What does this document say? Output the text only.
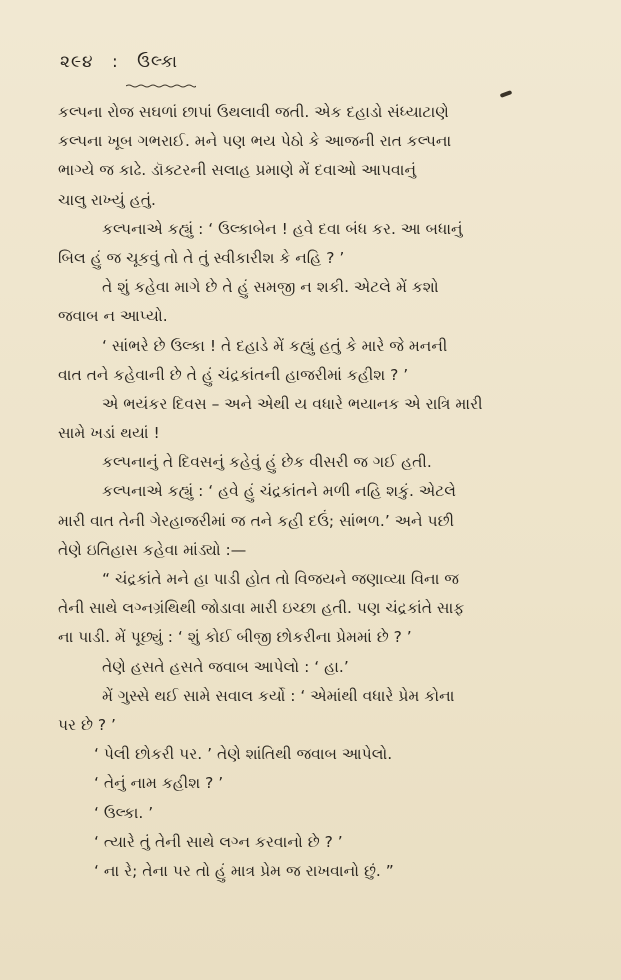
૨૯૪ : ઉલ્કા
કલ્પના રોજ સઘળાં છાપાં ઉથલાવી જતી. એક દહાડો સંધ્યાટાણે
કલ્પના ખૂબ ગભરાઈ. મને પણ ભય પેઠો કે આજની રાત કલ્પના
ભાગ્યે જ કાઢે. ડૉક્ટરની સલાહ પ્રમાણે મેં દવાઓ આપવાનું
ચાલુ રાખ્યું હતું.
કલ્પનાએ કહ્યું : ‘ ઉલ્કાબેન ! હવે દવા બંધ કર. આ બધાનું
બિલ હું જ ચૂકવું તો તે તું સ્વીકારીશ કે નહિ ? ’
તે શું કહેવા માગે છે તે હું સમજી ન શકી. એટલે મેં કશો
જવાબ ન આપ્યો.
‘ સાંભરે છે ઉલ્કા ! તે દહાડે મેં કહ્યું હતું કે મારે જે મનની
વાત તને કહેવાની છે તે હું ચંદ્રકાંતની હાજરીમાં કહીશ ? ’
એ ભયંકર દિવસ – અને એથી ય વધારે ભયાનક એ રાત્રિ મારી
સામે ખડાં થયાં !
કલ્પનાનું તે દિવસનું કહેવું હું છેક વીસરી જ ગઈ હતી.
કલ્પનાએ કહ્યું : ‘ હવે હું ચંદ્રકાંતને મળી નહિ શકું. એટલે
મારી વાત તેની ગેરહાજરીમાં જ તને કહી દઉં; સાંભળ.’ અને પછી
તેણે ઇતિહાસ કહેવા માંડ્યો :—
“ ચંદ્રકાંતે મને હા પાડી હોત તો વિજયને જણાવ્યા વિના જ
તેની સાથે લગ્નગ્રંથિથી જોડાવા મારી ઇચ્છા હતી. પણ ચંદ્રકાંતે સાફ
ના પાડી. મેં પૂછ્યું : ‘ શું કોઈ બીજી છોકરીના પ્રેમમાં છે ? ’
તેણે હસતે હસતે જવાબ આપેલો : ‘ હા.’
મેં ગુસ્સે થઈ સામે સવાલ કર્યો : ‘ એમાંથી વધારે પ્રેમ કોના
પર છે ? ’
‘ પેલી છોકરી પર. ’ તેણે શાંતિથી જવાબ આપેલો.
‘ તેનું નામ કહીશ ? ’
‘ ઉલ્કા. ’
‘ ત્યારે તું તેની સાથે લગ્ન કરવાનો છે ? ’
‘ ના રે; તેના પર તો હું માત્ર પ્રેમ જ રાખવાનો છું. ”
